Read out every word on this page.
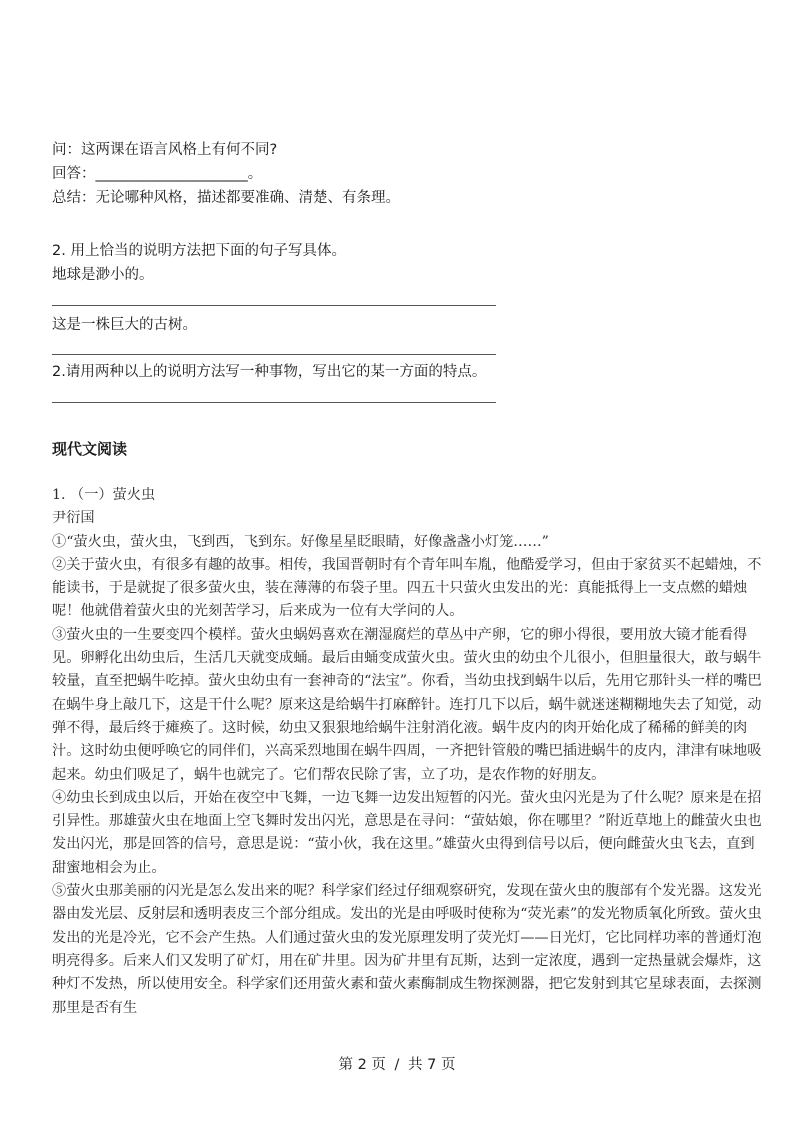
问：这两课在语言风格上有何不同?
回答：_____________________。
总结：无论哪种风格，描述都要准确、清楚、有条理。
2. 用上恰当的说明方法把下面的句子写具体。
地球是渺小的。
这是一株巨大的古树。
2.请用两种以上的说明方法写一种事物，写出它的某一方面的特点。
现代文阅读

1. （一）萤火虫

尹衍国

①“萤火虫，萤火虫，飞到西，飞到东。好像星星眨眼睛，好像盏盏小灯笼……”

②关于萤火虫，有很多有趣的故事。相传，我国晋朝时有个青年叫车胤，他酷爱学习，但由于家贫买不起蜡烛，不能读书，于是就捉了很多萤火虫，装在薄薄的布袋子里。四五十只萤火虫发出的光：真能抵得上一支点燃的蜡烛呢！他就借着萤火虫的光刻苦学习，后来成为一位有大学问的人。

③萤火虫的一生要变四个模样。萤火虫蜗妈喜欢在潮湿腐烂的草丛中产卵，它的卵小得很，要用放大镜才能看得见。卵孵化出幼虫后，生活几天就变成蛹。最后由蛹变成萤火虫。萤火虫的幼虫个儿很小，但胆量很大，敢与蜗牛较量，直至把蜗牛吃掉。萤火虫幼虫有一套神奇的“法宝”。你看，当幼虫找到蜗牛以后，先用它那针头一样的嘴巴在蜗牛身上敲几下，这是干什么呢？原来这是给蜗牛打麻醉针。连打几下以后，蜗牛就迷迷糊糊地失去了知觉，动弹不得，最后终于瘫痪了。这时候，幼虫又狠狠地给蜗牛注射消化液。蜗牛皮内的肉开始化成了稀稀的鲜美的肉汁。这时幼虫便呼唤它的同伴们，兴高采烈地围在蜗牛四周，一齐把针管般的嘴巴插进蜗牛的皮内，津津有味地吸起来。幼虫们吸足了，蜗牛也就完了。它们帮农民除了害，立了功，是农作物的好朋友。

④幼虫长到成虫以后，开始在夜空中飞舞，一边飞舞一边发出短暂的闪光。萤火虫闪光是为了什么呢？原来是在招引异性。那雄萤火虫在地面上空飞舞时发出闪光，意思是在寻问：“萤姑娘，你在哪里？”附近草地上的雌萤火虫也发出闪光，那是回答的信号，意思是说：“萤小伙，我在这里。”雄萤火虫得到信号以后，便向雌萤火虫飞去，直到甜蜜地相会为止。

⑤萤火虫那美丽的闪光是怎么发出来的呢？科学家们经过仔细观察研究，发现在萤火虫的腹部有个发光器。这发光器由发光层、反射层和透明表皮三个部分组成。发出的光是由呼吸时使称为“荧光素”的发光物质氧化所致。萤火虫发出的光是冷光，它不会产生热。人们通过萤火虫的发光原理发明了荧光灯——日光灯，它比同样功率的普通灯泡明亮得多。后来人们又发明了矿灯，用在矿井里。因为矿井里有瓦斯，达到一定浓度，遇到一定热量就会爆炸，这种灯不发热，所以使用安全。科学家们还用萤火素和萤火素酶制成生物探测器，把它发射到其它星球表面，去探测那里是否有生

第 2 页 / 共 7 页
